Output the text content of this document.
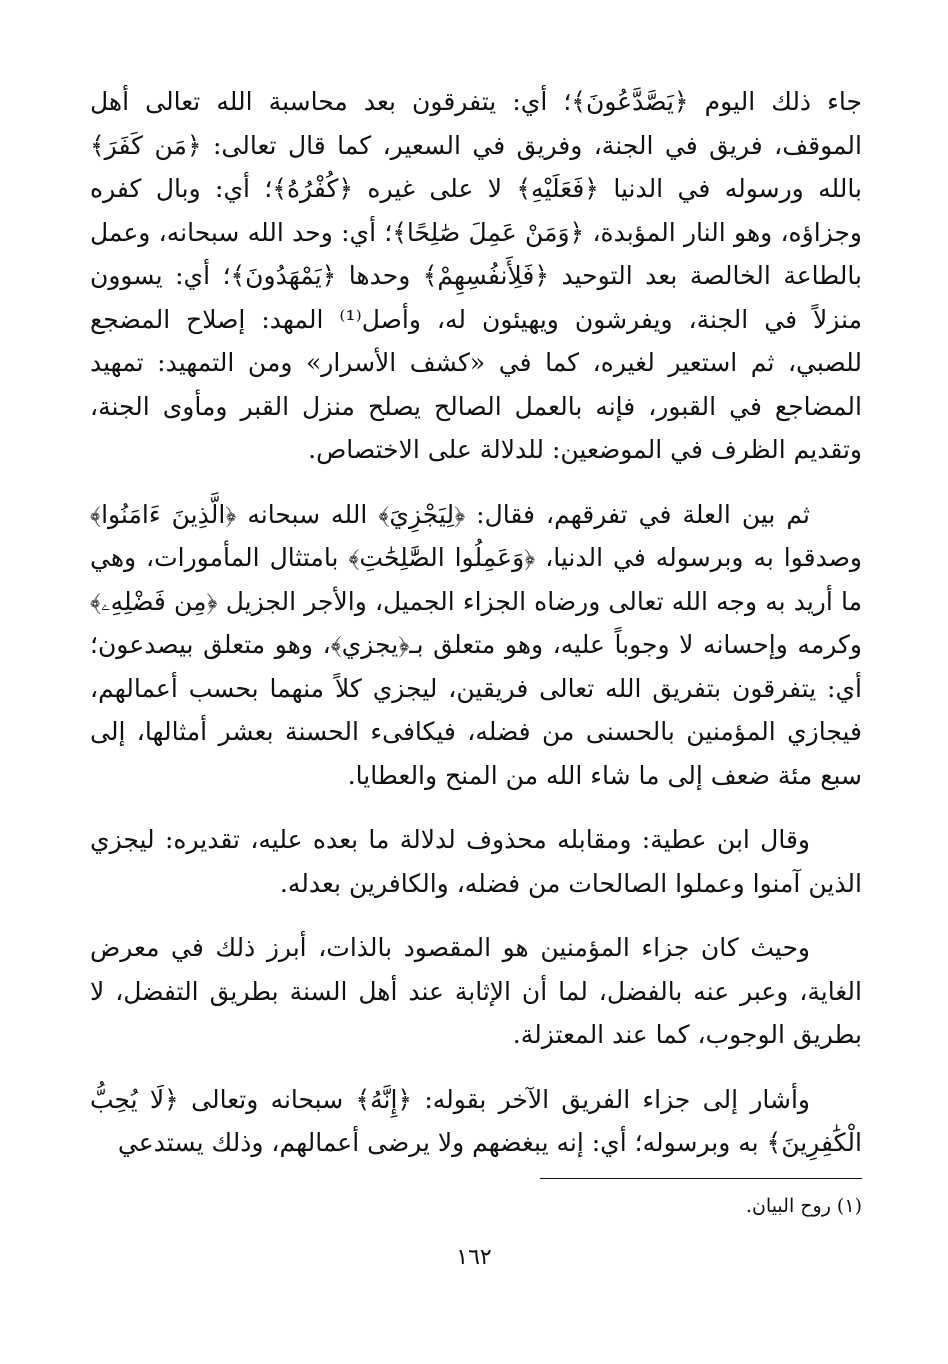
جاء ذلك اليوم ﴿يَصَّدَّعُونَ﴾؛ أي: يتفرقون بعد محاسبة الله تعالى أهل الموقف، فريق في الجنة، وفريق في السعير، كما قال تعالى: ﴿مَن كَفَرَ﴾ بالله ورسوله في الدنيا ﴿فَعَلَيْهِ﴾ لا على غيره ﴿كُفْرُهُ﴾؛ أي: وبال كفره وجزاؤه، وهو النار المؤبدة، ﴿وَمَنْ عَمِلَ صَٰلِحًا﴾؛ أي: وحد الله سبحانه، وعمل بالطاعة الخالصة بعد التوحيد ﴿فَلِأَنفُسِهِمْ﴾ وحدها ﴿يَمْهَدُونَ﴾؛ أي: يسوون منزلاً في الجنة، ويفرشون ويهيئون له، وأصل⁽¹⁾ المهد: إصلاح المضجع للصبي، ثم استعير لغيره، كما في «كشف الأسرار» ومن التمهيد: تمهيد المضاجع في القبور، فإنه بالعمل الصالح يصلح منزل القبر ومأوى الجنة، وتقديم الظرف في الموضعين: للدلالة على الاختصاص.

ثم بين العلة في تفرقهم، فقال: ﴿لِيَجْزِيَ﴾ الله سبحانه ﴿الَّذِينَ ءَامَنُوا﴾ وصدقوا به وبرسوله في الدنيا، ﴿وَعَمِلُوا الصَّٰلِحَٰتِ﴾ بامتثال المأمورات، وهي ما أريد به وجه الله تعالى ورضاه الجزاء الجميل، والأجر الجزيل ﴿مِن فَضْلِهِۦ﴾ وكرمه وإحسانه لا وجوباً عليه، وهو متعلق بـ﴿يجزي﴾، وهو متعلق بيصدعون؛ أي: يتفرقون بتفريق الله تعالى فريقين، ليجزي كلاً منهما بحسب أعمالهم، فيجازي المؤمنين بالحسنى من فضله، فيكافىء الحسنة بعشر أمثالها، إلى سبع مئة ضعف إلى ما شاء الله من المنح والعطايا.

وقال ابن عطية: ومقابله محذوف لدلالة ما بعده عليه، تقديره: ليجزي الذين آمنوا وعملوا الصالحات من فضله، والكافرين بعدله.

وحيث كان جزاء المؤمنين هو المقصود بالذات، أبرز ذلك في معرض الغاية، وعبر عنه بالفضل، لما أن الإثابة عند أهل السنة بطريق التفضل، لا بطريق الوجوب، كما عند المعتزلة.

وأشار إلى جزاء الفريق الآخر بقوله: ﴿إِنَّهُ﴾ سبحانه وتعالى ﴿لَا يُحِبُّ الْكَٰفِرِينَ﴾ به وبرسوله؛ أي: إنه يبغضهم ولا يرضى أعمالهم، وذلك يستدعي

(١) روح البيان.
١٦٢
